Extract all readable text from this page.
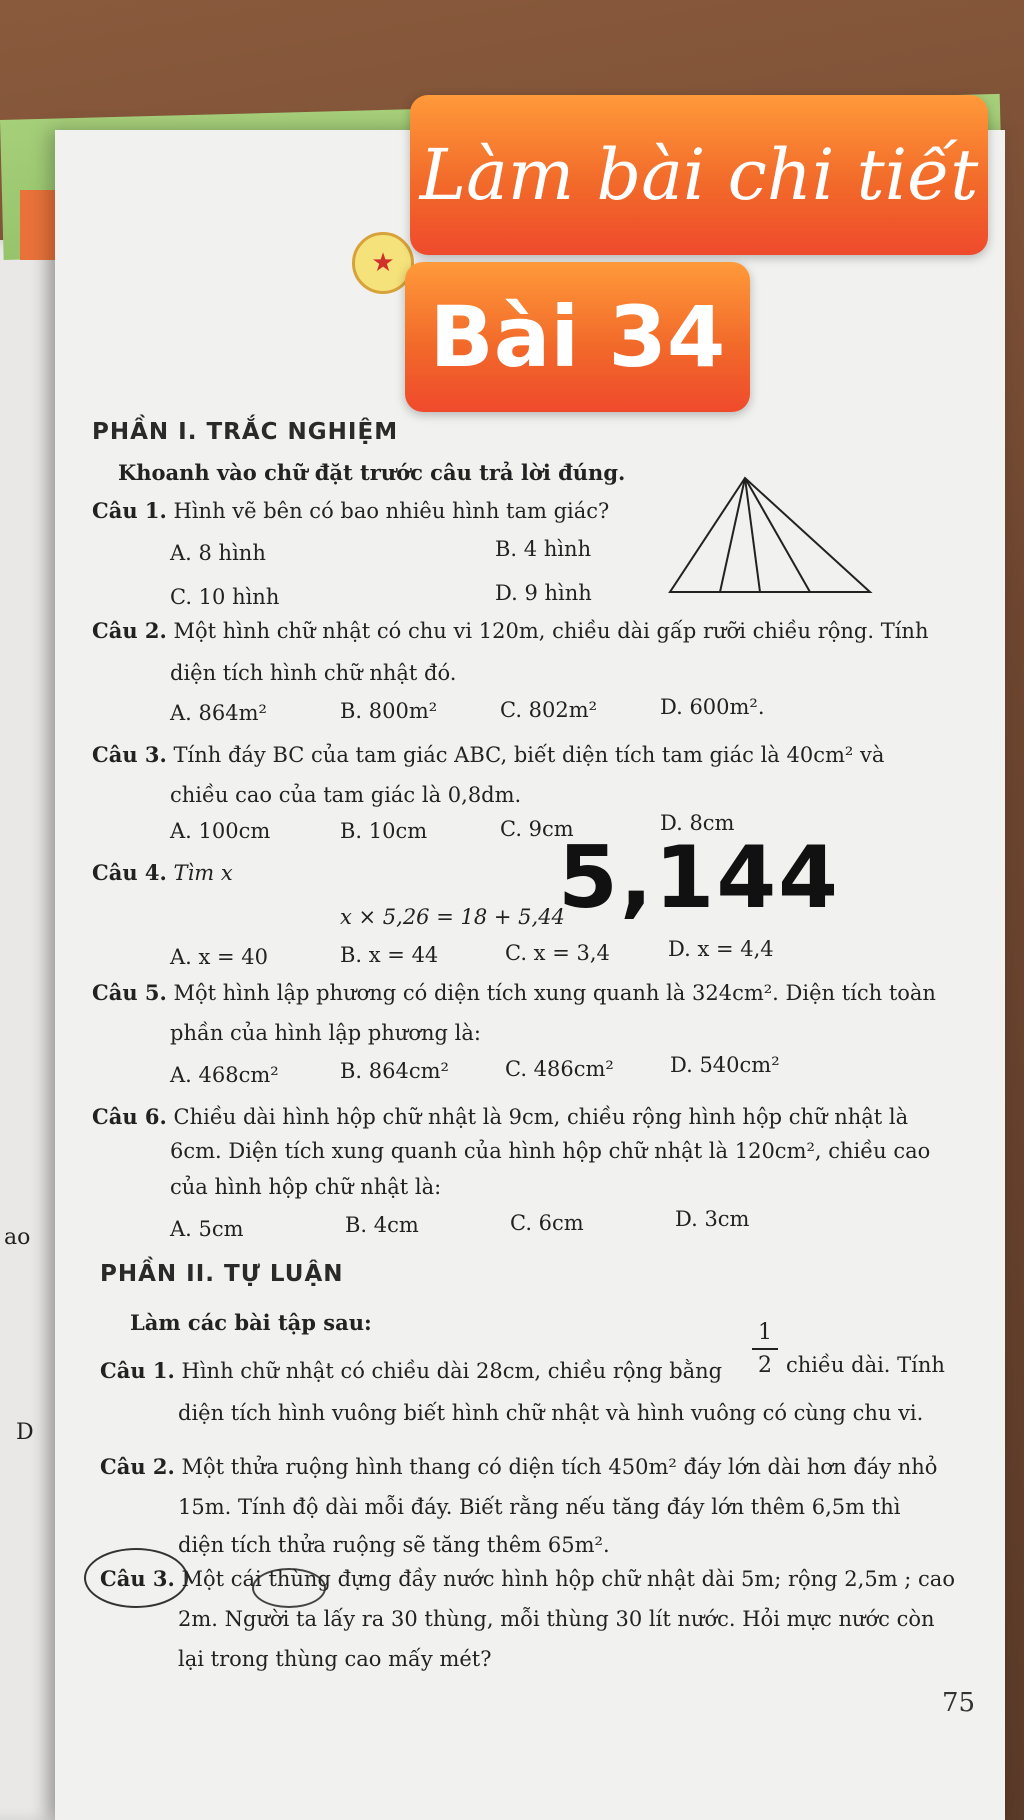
ao
D
★
Làm bài chi tiết
Bài 34
PHẦN I. TRẮC NGHIỆM
Khoanh vào chữ đặt trước câu trả lời đúng.
Câu 1. Hình vẽ bên có bao nhiêu hình tam giác?
A. 8 hình	B. 4 hình
C. 10 hình	D. 9 hình
Câu 2. Một hình chữ nhật có chu vi 120m, chiều dài gấp rưỡi chiều rộng. Tính
diện tích hình chữ nhật đó.
A. 864m²	B. 800m²	C. 802m²	D. 600m².
Câu 3. Tính đáy BC của tam giác ABC, biết diện tích tam giác là 40cm² và
chiều cao của tam giác là 0,8dm.
A. 100cm	B. 10cm	C. 9cm	D. 8cm
Câu 4. Tìm x
x × 5,26 = 18 + 5,44
5,144
A. x = 40	B. x = 44	C. x = 3,4	D. x = 4,4
Câu 5. Một hình lập phương có diện tích xung quanh là 324cm². Diện tích toàn
phần của hình lập phương là:
A. 468cm²	B. 864cm²	C. 486cm²	D. 540cm²
Câu 6. Chiều dài hình hộp chữ nhật là 9cm, chiều rộng hình hộp chữ nhật là
6cm. Diện tích xung quanh của hình hộp chữ nhật là 120cm², chiều cao
của hình hộp chữ nhật là:
A. 5cm	B. 4cm	C. 6cm	D. 3cm
PHẦN II. TỰ LUẬN
Làm các bài tập sau:
Câu 1. Hình chữ nhật có chiều dài 28cm, chiều rộng bằng
1
2 chiều dài. Tính
diện tích hình vuông biết hình chữ nhật và hình vuông có cùng chu vi.
Câu 2. Một thửa ruộng hình thang có diện tích 450m² đáy lớn dài hơn đáy nhỏ
15m. Tính độ dài mỗi đáy. Biết rằng nếu tăng đáy lớn thêm 6,5m thì
diện tích thửa ruộng sẽ tăng thêm 65m².
Câu 3. Một cái thùng đựng đầy nước hình hộp chữ nhật dài 5m; rộng 2,5m ; cao
2m. Người ta lấy ra 30 thùng, mỗi thùng 30 lít nước. Hỏi mực nước còn
lại trong thùng cao mấy mét?
75
